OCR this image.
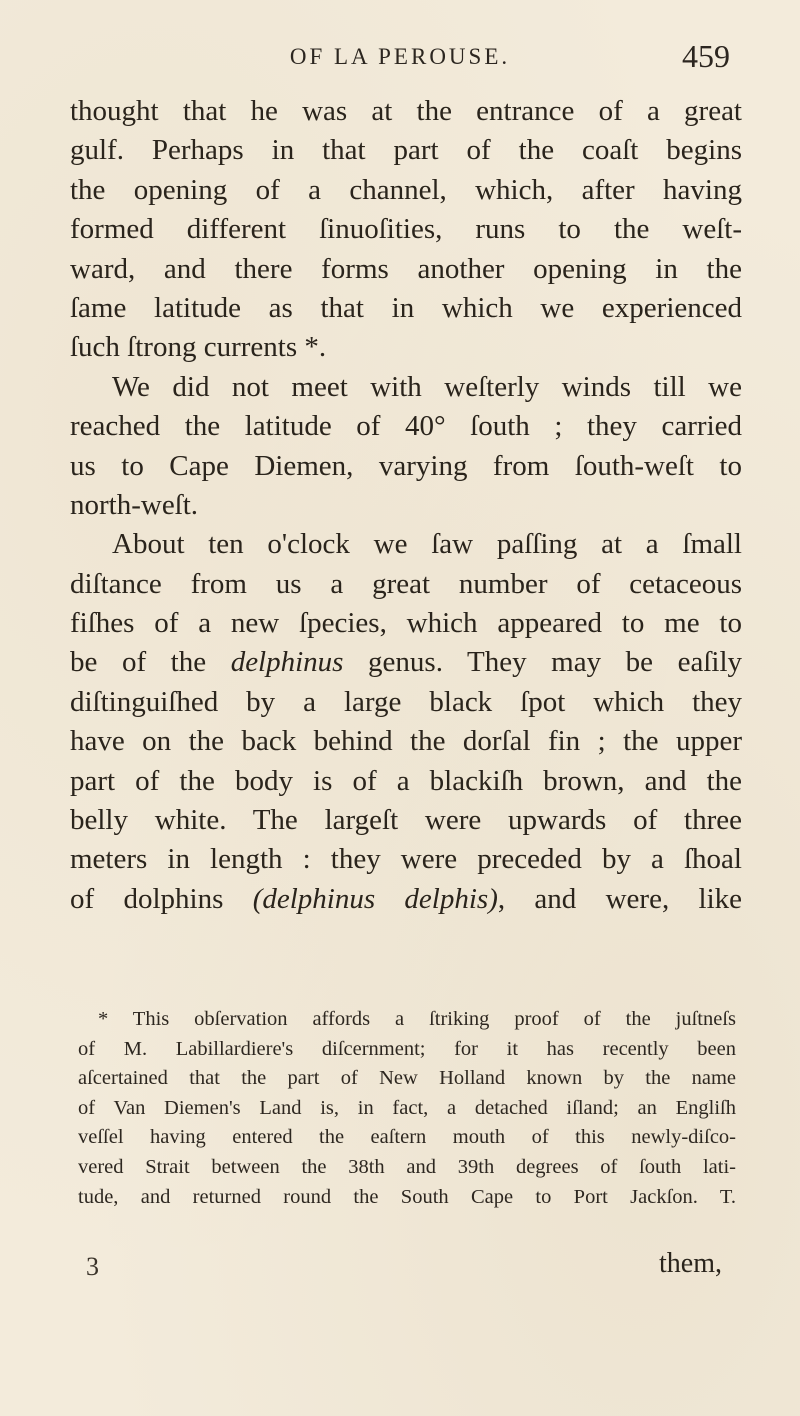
OF LA PEROUSE.	459
thought that he was at the entrance of a great
gulf. Perhaps in that part of the coaſt begins
the opening of a channel, which, after having
formed different ſinuoſities, runs to the weſt-
ward, and there forms another opening in the
ſame latitude as that in which we experienced
ſuch ſtrong currents *.
We did not meet with weſterly winds till we
reached the latitude of 40° ſouth ; they carried
us to Cape Diemen, varying from ſouth-weſt to
north-weſt.
About ten o'clock we ſaw paſſing at a ſmall
diſtance from us a great number of cetaceous
fiſhes of a new ſpecies, which appeared to me to
be of the delphinus genus. They may be eaſily
diſtinguiſhed by a large black ſpot which they
have on the back behind the dorſal fin ; the upper
part of the body is of a blackiſh brown, and the
belly white. The largeſt were upwards of three
meters in length : they were preceded by a ſhoal
of dolphins (delphinus delphis), and were, like
* This obſervation affords a ſtriking proof of the juſtneſs
of M. Labillardiere's diſcernment; for it has recently been
aſcertained that the part of New Holland known by the name
of Van Diemen's Land is, in fact, a detached iſland; an Engliſh
veſſel having entered the eaſtern mouth of this newly-diſco-
vered Strait between the 38th and 39th degrees of ſouth lati-
tude, and returned round the South Cape to Port Jackſon. T.
3	them,
